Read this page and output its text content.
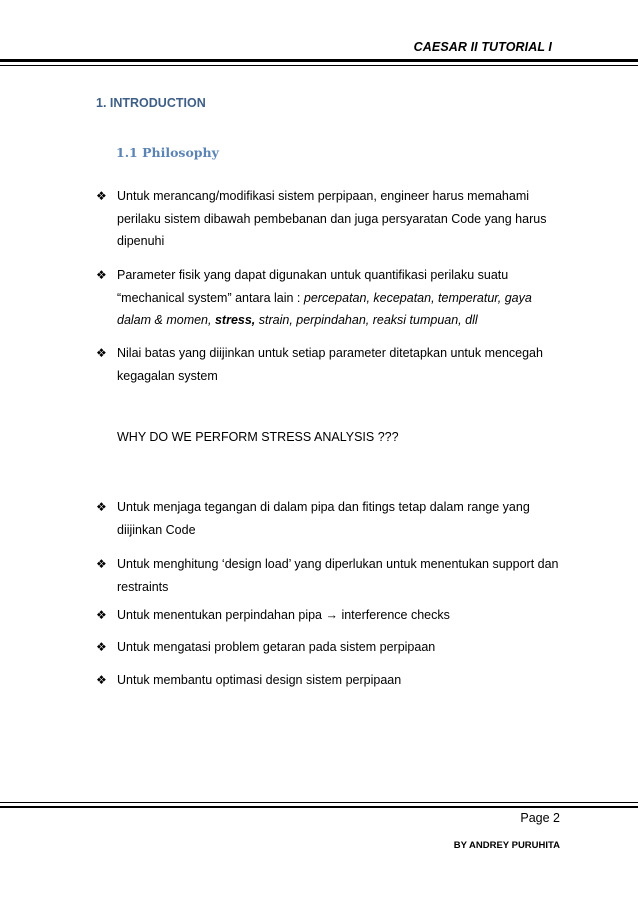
CAESAR II TUTORIAL I
1. INTRODUCTION
1.1 Philosophy
❖ Untuk merancang/modifikasi sistem perpipaan, engineer harus memahami perilaku sistem dibawah pembebanan dan juga persyaratan Code yang harus dipenuhi
❖ Parameter fisik yang dapat digunakan untuk quantifikasi perilaku suatu “mechanical system” antara lain : percepatan, kecepatan, temperatur, gaya dalam & momen, stress, strain, perpindahan, reaksi tumpuan, dll
❖ Nilai batas yang diijinkan untuk setiap parameter ditetapkan untuk mencegah kegagalan system
WHY DO WE PERFORM STRESS ANALYSIS ???
❖ Untuk menjaga tegangan di dalam pipa dan fitings tetap dalam range yang diijinkan Code
❖ Untuk menghitung ‘design load’ yang diperlukan untuk menentukan support dan restraints
❖ Untuk menentukan perpindahan pipa → interference checks
❖ Untuk mengatasi problem getaran pada sistem perpipaan
❖ Untuk membantu optimasi design sistem perpipaan
Page 2
BY ANDREY PURUHITA
